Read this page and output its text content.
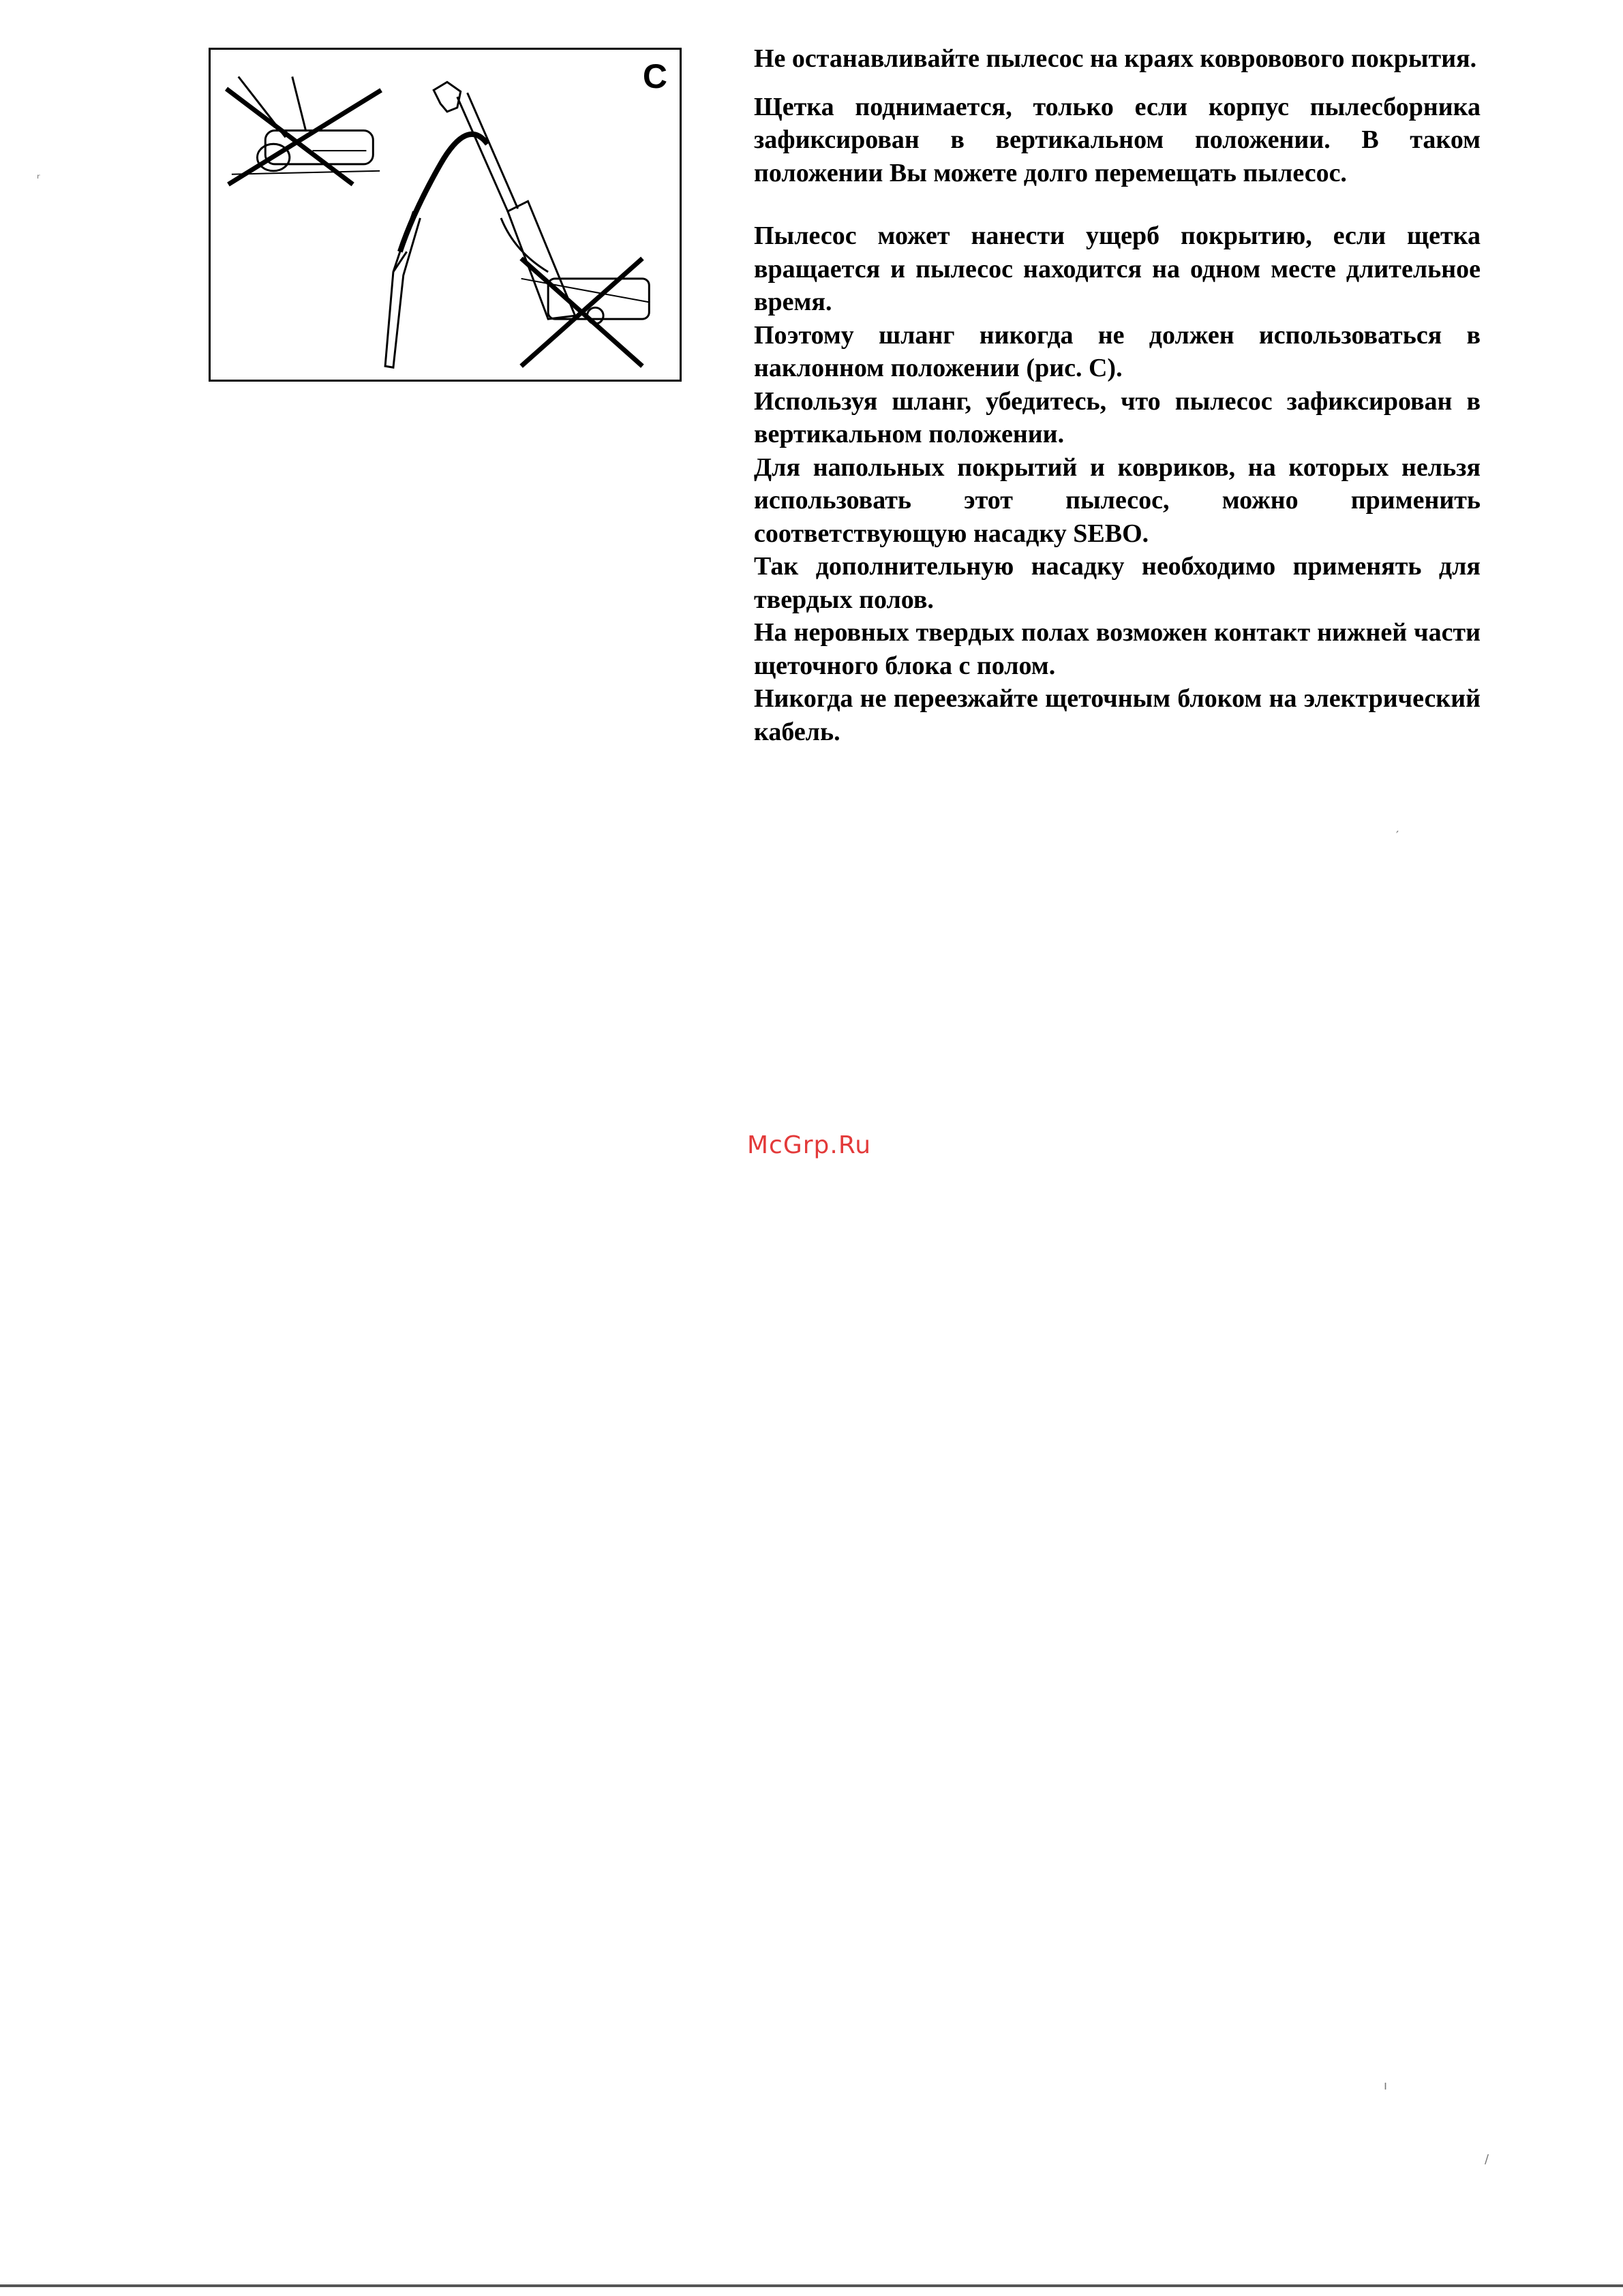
C	Не останавливайте пылесос на краях ковровового покрытия.

Щетка поднимается, только если корпус пылесборника зафиксирован в вертикальном положении. В таком положении Вы можете долго перемещать пылесос.

Пылесос может нанести ущерб покрытию, если щетка вращается и пылесос находится на одном месте длительное время.

Поэтому шланг никогда не должен использоваться в наклонном положении (рис. С).

Используя шланг, убедитесь, что пылесос зафиксирован в вертикальном положении.

Для напольных покрытий и ковриков, на которых нельзя использовать этот пылесос, можно применить соответствующую насадку SEBO.

Так дополнительную насадку необходимо применять для твердых полов.

На неровных твердых полах возможен контакт нижней части щеточного блока с полом.

Никогда не переезжайте щеточным блоком на электрический кабель.

McGrp.Ru
ʳ
′
ı
/
